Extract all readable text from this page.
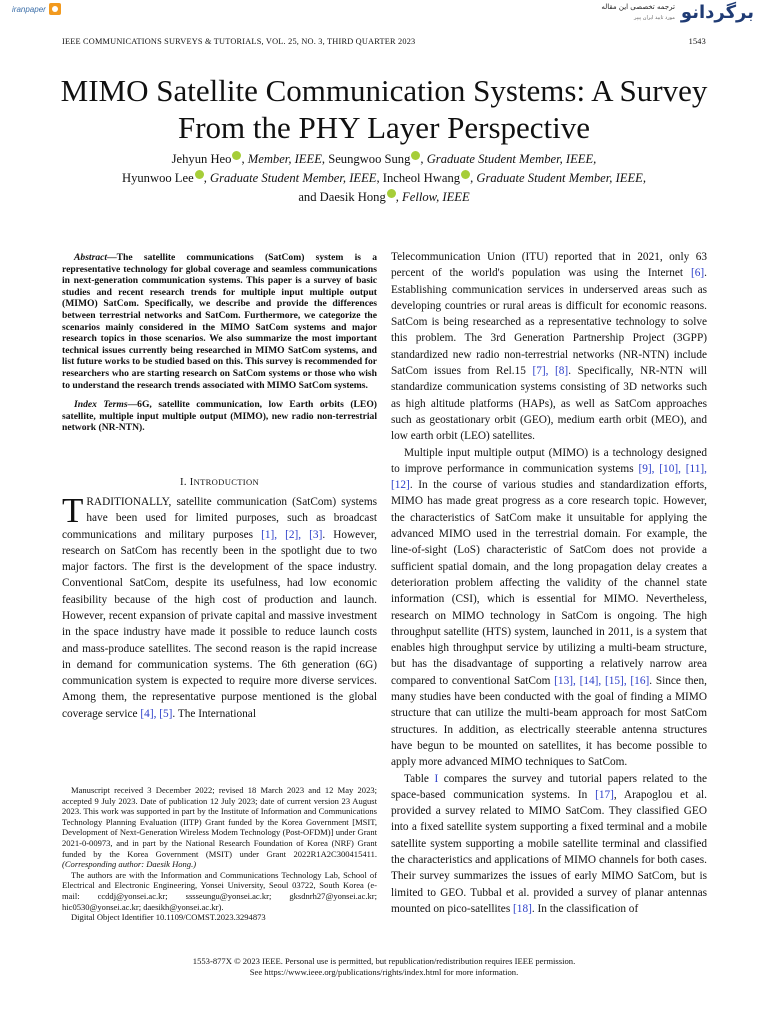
iranpaper	برگردانو
ترجمه تخصصی این مقاله
مورد تایید ایران پیپر
IEEE COMMUNICATIONS SURVEYS & TUTORIALS, VOL. 25, NO. 3, THIRD QUARTER 2023	1543
MIMO Satellite Communication Systems: A Survey
From the PHY Layer Perspective
Jehyun Heo , Member, IEEE, Seungwoo Sung , Graduate Student Member, IEEE,
Hyunwoo Lee , Graduate Student Member, IEEE, Incheol Hwang , Graduate Student Member, IEEE,
and Daesik Hong , Fellow, IEEE

Abstract—The satellite communications (SatCom) system is a representative technology for global coverage and seamless communications in next-generation communication systems. This paper is a survey of basic studies and recent research trends for multiple input multiple output (MIMO) SatCom. Specifically, we describe and provide the differences between terrestrial networks and SatCom. Furthermore, we categorize the scenarios mainly considered in the MIMO SatCom systems and major research topics in those scenarios. We also summarize the most important technical issues currently being researched in MIMO SatCom systems, and list future works to be studied based on this. This survey is recommended for researchers who are starting research on SatCom systems or those who wish to understand the research trends associated with MIMO SatCom systems.

Index Terms—6G, satellite communication, low Earth orbits (LEO) satellite, multiple input multiple output (MIMO), new radio non-terrestrial network (NR-NTN).

I. INTRODUCTION

TRADITIONALLY, satellite communication (SatCom) systems have been used for limited purposes, such as broadcast communications and military purposes [1], [2], [3]. However, research on SatCom has recently been in the spotlight due to two major factors. The first is the development of the space industry. Conventional SatCom, despite its usefulness, had low economic feasibility because of the high cost of production and launch. However, recent expansion of private capital and massive investment in the space industry have made it possible to reduce launch costs and mass-produce satellites. The second reason is the rapid increase in demand for communication systems. The 6th generation (6G) communication system is expected to require more diverse services. Among them, the representative purpose mentioned is the global coverage service [4], [5]. The International

Manuscript received 3 December 2022; revised 18 March 2023 and 12 May 2023; accepted 9 July 2023. Date of publication 12 July 2023; date of current version 23 August 2023. This work was supported in part by the Institute of Information and Communications Technology Planning Evaluation (IITP) Grant funded by the Korea Government [MSIT, Development of Next-Generation Wireless Modem Technology (Post-OFDM)] under Grant 2021-0-00973, and in part by the National Research Foundation of Korea (NRF) Grant funded by the Korea Government (MSIT) under Grant 2022R1A2C300415411. (Corresponding author: Daesik Hong.)

The authors are with the Information and Communications Technology Lab, School of Electrical and Electronic Engineering, Yonsei University, Seoul 03722, South Korea (e-mail: ccddj@yonsei.ac.kr; sssseungu@yonsei.ac.kr; gksdnrh27@yonsei.ac.kr; hic0530@yonsei.ac.kr; daesikh@yonsei.ac.kr).

Digital Object Identifier 10.1109/COMST.2023.3294873

Telecommunication Union (ITU) reported that in 2021, only 63 percent of the world's population was using the Internet [6]. Establishing communication services in underserved areas such as developing countries or rural areas is difficult for economic reasons. SatCom is being researched as a representative technology to solve this problem. The 3rd Generation Partnership Project (3GPP) standardized new radio non-terrestrial networks (NR-NTN) include SatCom issues from Rel.15 [7], [8]. Specifically, NR-NTN will standardize communication systems consisting of 3D networks such as high altitude platforms (HAPs), as well as SatCom approaches such as geostationary orbit (GEO), medium earth orbit (MEO), and low earth orbit (LEO) satellites.

Multiple input multiple output (MIMO) is a technology designed to improve performance in communication systems [9], [10], [11], [12]. In the course of various studies and standardization efforts, MIMO has made great progress as a core research topic. However, the characteristics of SatCom make it unsuitable for applying the advanced MIMO used in the terrestrial domain. For example, the line-of-sight (LoS) characteristic of SatCom does not provide a sufficient spatial domain, and the long propagation delay creates a deterioration problem affecting the validity of the channel state information (CSI), which is essential for MIMO. Nevertheless, research on MIMO technology in SatCom is ongoing. The high throughput satellite (HTS) system, launched in 2011, is a system that enables high throughput service by utilizing a multi-beam structure, but has the disadvantage of supporting a relatively narrow area compared to conventional SatCom [13], [14], [15], [16]. Since then, many studies have been conducted with the goal of finding a MIMO structure that can utilize the multi-beam approach for most SatCom structures. In addition, as electrically steerable antenna structures have begun to be mounted on satellites, it has become possible to apply more advanced MIMO techniques to SatCom.

Table I compares the survey and tutorial papers related to the space-based communication systems. In [17], Arapoglou et al. provided a survey related to MIMO SatCom. They classified GEO into a fixed satellite system supporting a fixed terminal and a mobile satellite system supporting a mobile satellite terminal and classified the characteristics and applications of MIMO channels for both cases. Their survey summarizes the issues of early MIMO SatCom, but is limited to GEO. Tubbal et al. provided a survey of planar antennas mounted on pico-satellites [18]. In the classification of

1553-877X © 2023 IEEE. Personal use is permitted, but republication/redistribution requires IEEE permission.
See https://www.ieee.org/publications/rights/index.html for more information.
